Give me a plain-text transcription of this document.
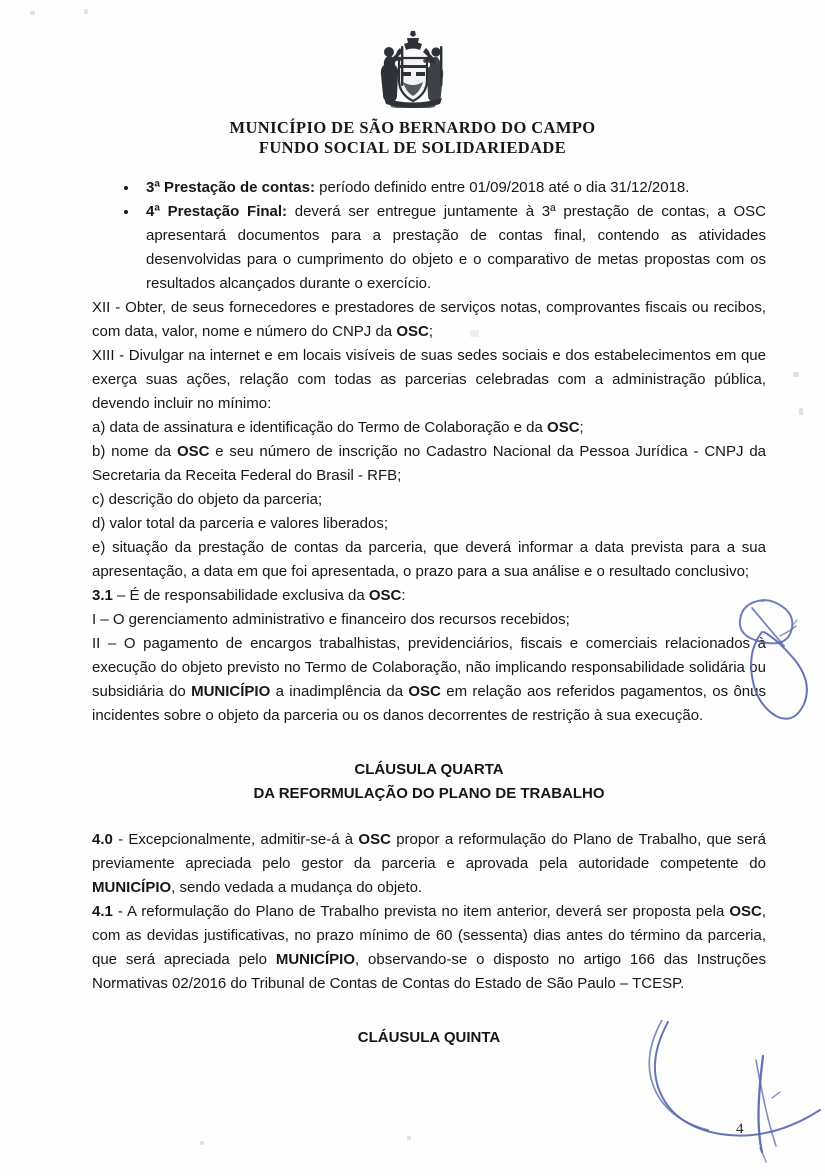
MUNICÍPIO DE SÃO BERNARDO DO CAMPO
FUNDO SOCIAL DE SOLIDARIEDADE
3ª Prestação de contas: período definido entre 01/09/2018 até o dia 31/12/2018.
4ª Prestação Final: deverá ser entregue juntamente à 3ª prestação de contas, a OSC apresentará documentos para a prestação de contas final, contendo as atividades desenvolvidas para o cumprimento do objeto e o comparativo de metas propostas com os resultados alcançados durante o exercício.

XII - Obter, de seus fornecedores e prestadores de serviços notas, comprovantes fiscais ou recibos, com data, valor, nome e número do CNPJ da OSC;

XIII - Divulgar na internet e em locais visíveis de suas sedes sociais e dos estabelecimentos em que exerça suas ações, relação com todas as parcerias celebradas com a administração pública, devendo incluir no mínimo:

a) data de assinatura e identificação do Termo de Colaboração e da OSC;

b) nome da OSC e seu número de inscrição no Cadastro Nacional da Pessoa Jurídica - CNPJ da Secretaria da Receita Federal do Brasil - RFB;

c) descrição do objeto da parceria;

d) valor total da parceria e valores liberados;

e) situação da prestação de contas da parceria, que deverá informar a data prevista para a sua apresentação, a data em que foi apresentada, o prazo para a sua análise e o resultado conclusivo;

3.1 – É de responsabilidade exclusiva da OSC:

I – O gerenciamento administrativo e financeiro dos recursos recebidos;

II – O pagamento de encargos trabalhistas, previdenciários, fiscais e comerciais relacionados à execução do objeto previsto no Termo de Colaboração, não implicando responsabilidade solidária ou subsidiária do MUNICÍPIO a inadimplência da OSC em relação aos referidos pagamentos, os ônus incidentes sobre o objeto da parceria ou os danos decorrentes de restrição à sua execução.

CLÁUSULA QUARTA

DA REFORMULAÇÃO DO PLANO DE TRABALHO

4.0 - Excepcionalmente, admitir-se-á à OSC propor a reformulação do Plano de Trabalho, que será previamente apreciada pelo gestor da parceria e aprovada pela autoridade competente do MUNICÍPIO, sendo vedada a mudança do objeto.

4.1 - A reformulação do Plano de Trabalho prevista no item anterior, deverá ser proposta pela OSC, com as devidas justificativas, no prazo mínimo de 60 (sessenta) dias antes do término da parceria, que será apreciada pelo MUNICÍPIO, observando-se o disposto no artigo 166 das Instruções Normativas 02/2016 do Tribunal de Contas de Contas do Estado de São Paulo – TCESP.

CLÁUSULA QUINTA

4
